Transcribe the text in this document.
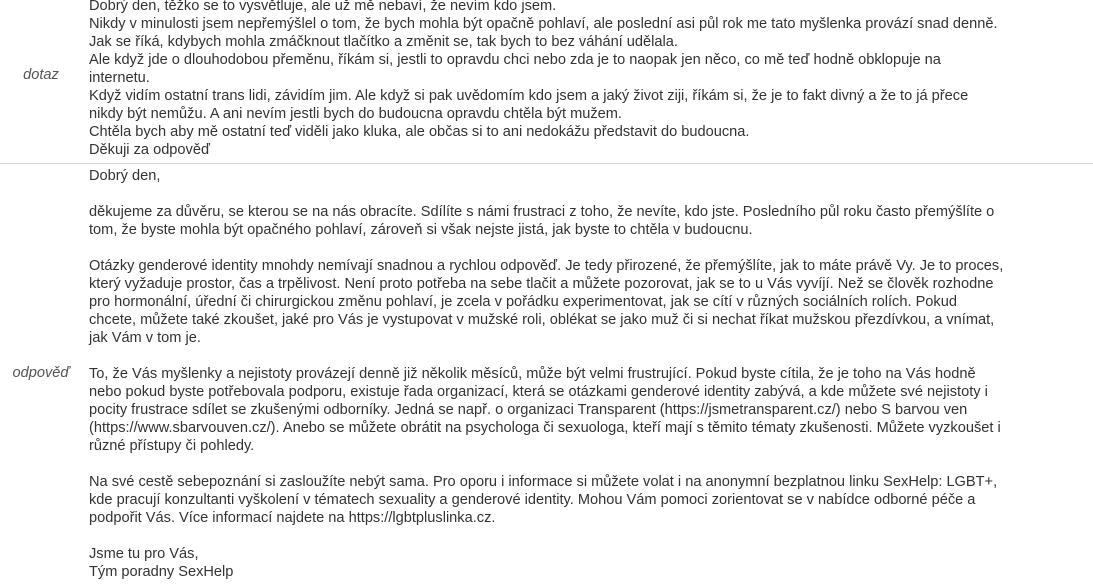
dotaz
Dobrý den, těžko se to vysvětluje, ale už mě nebaví, že nevím kdo jsem.
Nikdy v minulosti jsem nepřemýšlel o tom, že bych mohla být opačně pohlaví, ale poslední asi půl rok me tato myšlenka provází snad denně.
Jak se říká, kdybych mohla zmáčknout tlačítko a změnit se, tak bych to bez váhání udělala.
Ale když jde o dlouhodobou přeměnu, říkám si, jestli to opravdu chci nebo zda je to naopak jen něco, co mě teď hodně obklopuje na
internetu.
Když vidím ostatní trans lidi, závidím jim. Ale když si pak uvědomím kdo jsem a jaký život ziji, říkám si, že je to fakt divný a že to já přece
nikdy být nemůžu. A ani nevím jestli bych do budoucna opravdu chtěla být mužem.
Chtěla bych aby mě ostatní teď viděli jako kluka, ale občas si to ani nedokážu představit do budoucna.
Děkuji za odpověď
odpověď
Dobrý den,
děkujeme za důvěru, se kterou se na nás obracíte. Sdílíte s námi frustraci z toho, že nevíte, kdo jste. Posledního půl roku často přemýšlíte o
tom, že byste mohla být opačného pohlaví, zároveň si však nejste jistá, jak byste to chtěla v budoucnu.
Otázky genderové identity mnohdy nemívají snadnou a rychlou odpověď. Je tedy přirozené, že přemýšlíte, jak to máte právě Vy. Je to proces,
který vyžaduje prostor, čas a trpělivost. Není proto potřeba na sebe tlačit a můžete pozorovat, jak se to u Vás vyvíjí. Než se člověk rozhodne
pro hormonální, úřední či chirurgickou změnu pohlaví, je zcela v pořádku experimentovat, jak se cítí v různých sociálních rolích. Pokud
chcete, můžete také zkoušet, jaké pro Vás je vystupovat v mužské roli, oblékat se jako muž či si nechat říkat mužskou přezdívkou, a vnímat,
jak Vám v tom je.
To, že Vás myšlenky a nejistoty provázejí denně již několik měsíců, může být velmi frustrující. Pokud byste cítila, že je toho na Vás hodně
nebo pokud byste potřebovala podporu, existuje řada organizací, která se otázkami genderové identity zabývá, a kde můžete své nejistoty i
pocity frustrace sdílet se zkušenými odborníky. Jedná se např. o organizaci Transparent (https://jsmetransparent.cz/) nebo S barvou ven
(https://www.sbarvouven.cz/). Anebo se můžete obrátit na psychologa či sexuologa, kteří mají s těmito tématy zkušenosti. Můžete vyzkoušet i
různé přístupy či pohledy.
Na své cestě sebepoznání si zasloužíte nebýt sama. Pro oporu i informace si můžete volat i na anonymní bezplatnou linku SexHelp: LGBT+,
kde pracují konzultanti vyškolení v tématech sexuality a genderové identity. Mohou Vám pomoci zorientovat se v nabídce odborné péče a
podpořit Vás. Více informací najdete na https://lgbtpluslinka.cz.
Jsme tu pro Vás,
Tým poradny SexHelp
